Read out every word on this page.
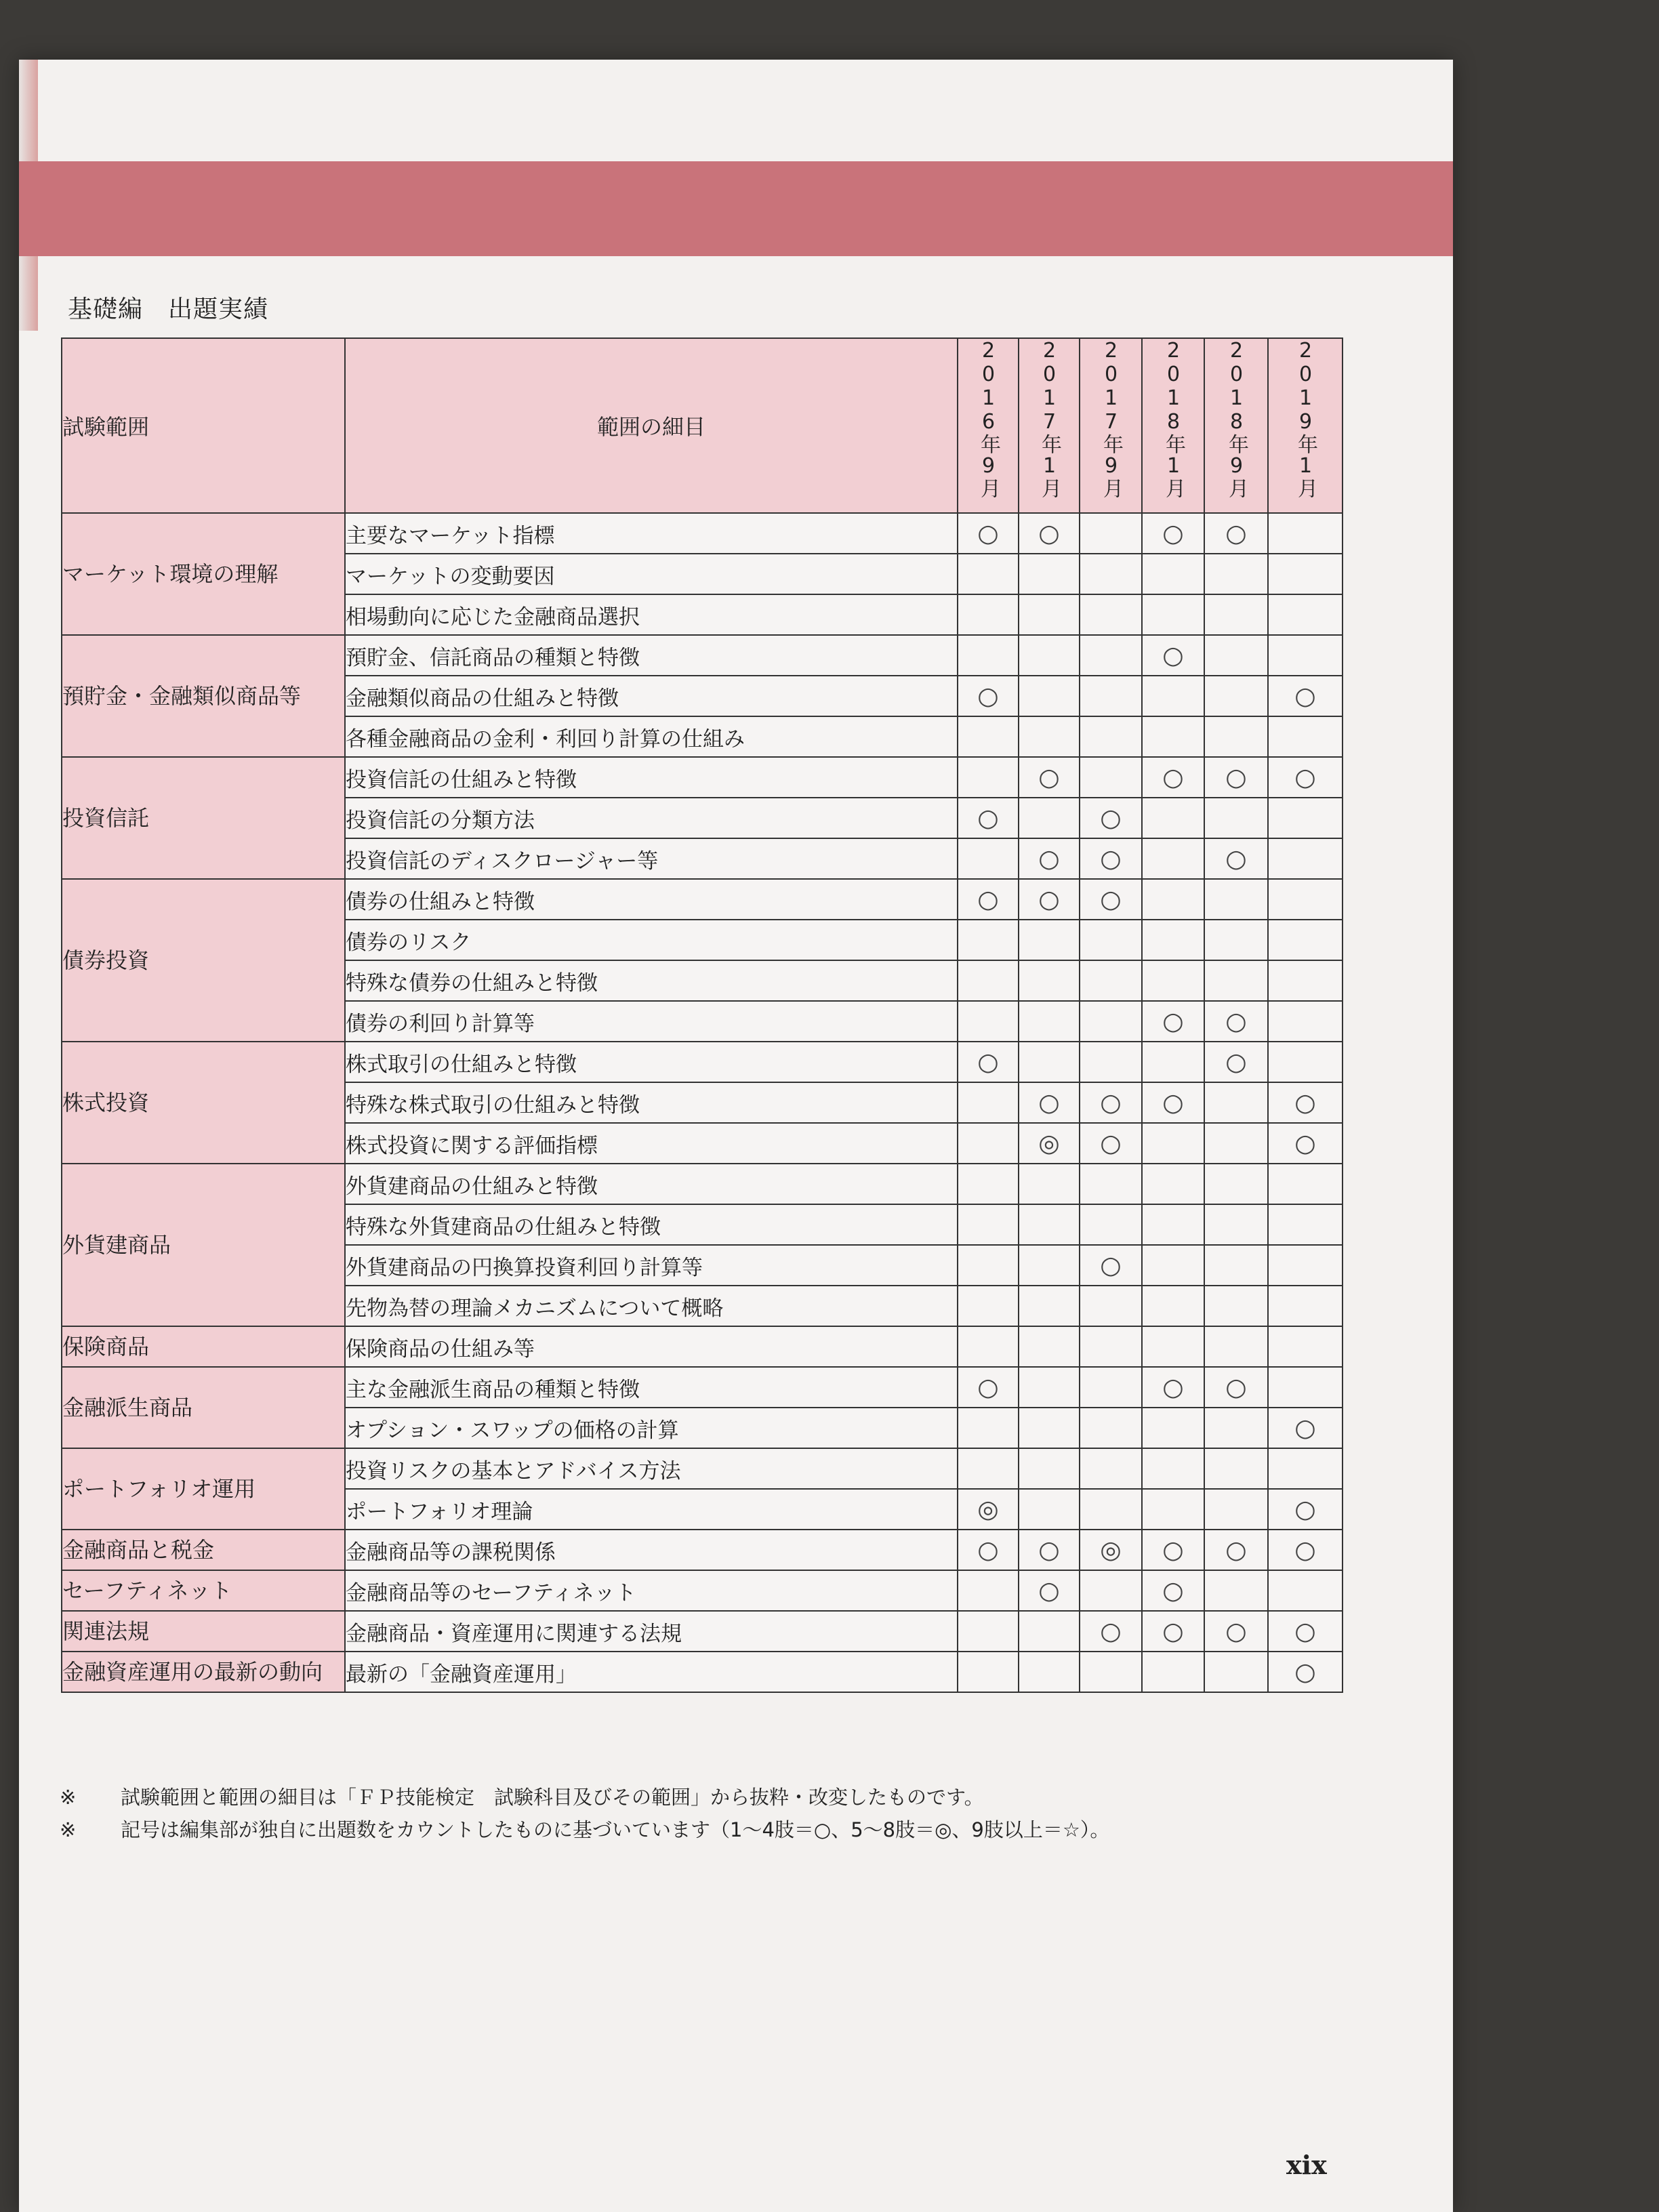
基礎編　出題実績
試験範囲	範囲の細目	2016年9月	2017年1月	2017年9月	2018年1月	2018年9月	2019年1月

マーケット環境の理解	主要なマーケット指標	○	○		○	○	
	マーケットの変動要因						
	相場動向に応じた金融商品選択						
預貯金・金融類似商品等	預貯金、信託商品の種類と特徴				○		
	金融類似商品の仕組みと特徴	○					○
	各種金融商品の金利・利回り計算の仕組み						
投資信託	投資信託の仕組みと特徴		○		○	○	○
	投資信託の分類方法	○		○			
	投資信託のディスクロージャー等		○	○		○	
債券投資	債券の仕組みと特徴	○	○	○			
	債券のリスク						
	特殊な債券の仕組みと特徴						
	債券の利回り計算等				○	○	
株式投資	株式取引の仕組みと特徴	○				○	
	特殊な株式取引の仕組みと特徴		○	○	○		○
	株式投資に関する評価指標		◎	○			○
外貨建商品	外貨建商品の仕組みと特徴						
	特殊な外貨建商品の仕組みと特徴						
	外貨建商品の円換算投資利回り計算等			○			
	先物為替の理論メカニズムについて概略						
保険商品	保険商品の仕組み等						
金融派生商品	主な金融派生商品の種類と特徴	○			○	○	
	オプション・スワップの価格の計算						○
ポートフォリオ運用	投資リスクの基本とアドバイス方法						
	ポートフォリオ理論	◎					○
金融商品と税金	金融商品等の課税関係	○	○	◎	○	○	○
セーフティネット	金融商品等のセーフティネット		○		○		
関連法規	金融商品・資産運用に関連する法規			○	○	○	○
金融資産運用の最新の動向	最新の「金融資産運用」						○
※	試験範囲と範囲の細目は「ＦＰ技能検定　試験科目及びその範囲」から抜粋・改変したものです。
※	記号は編集部が独自に出題数をカウントしたものに基づいています（1～4肢＝○、5～8肢＝◎、9肢以上＝☆）。
xix
